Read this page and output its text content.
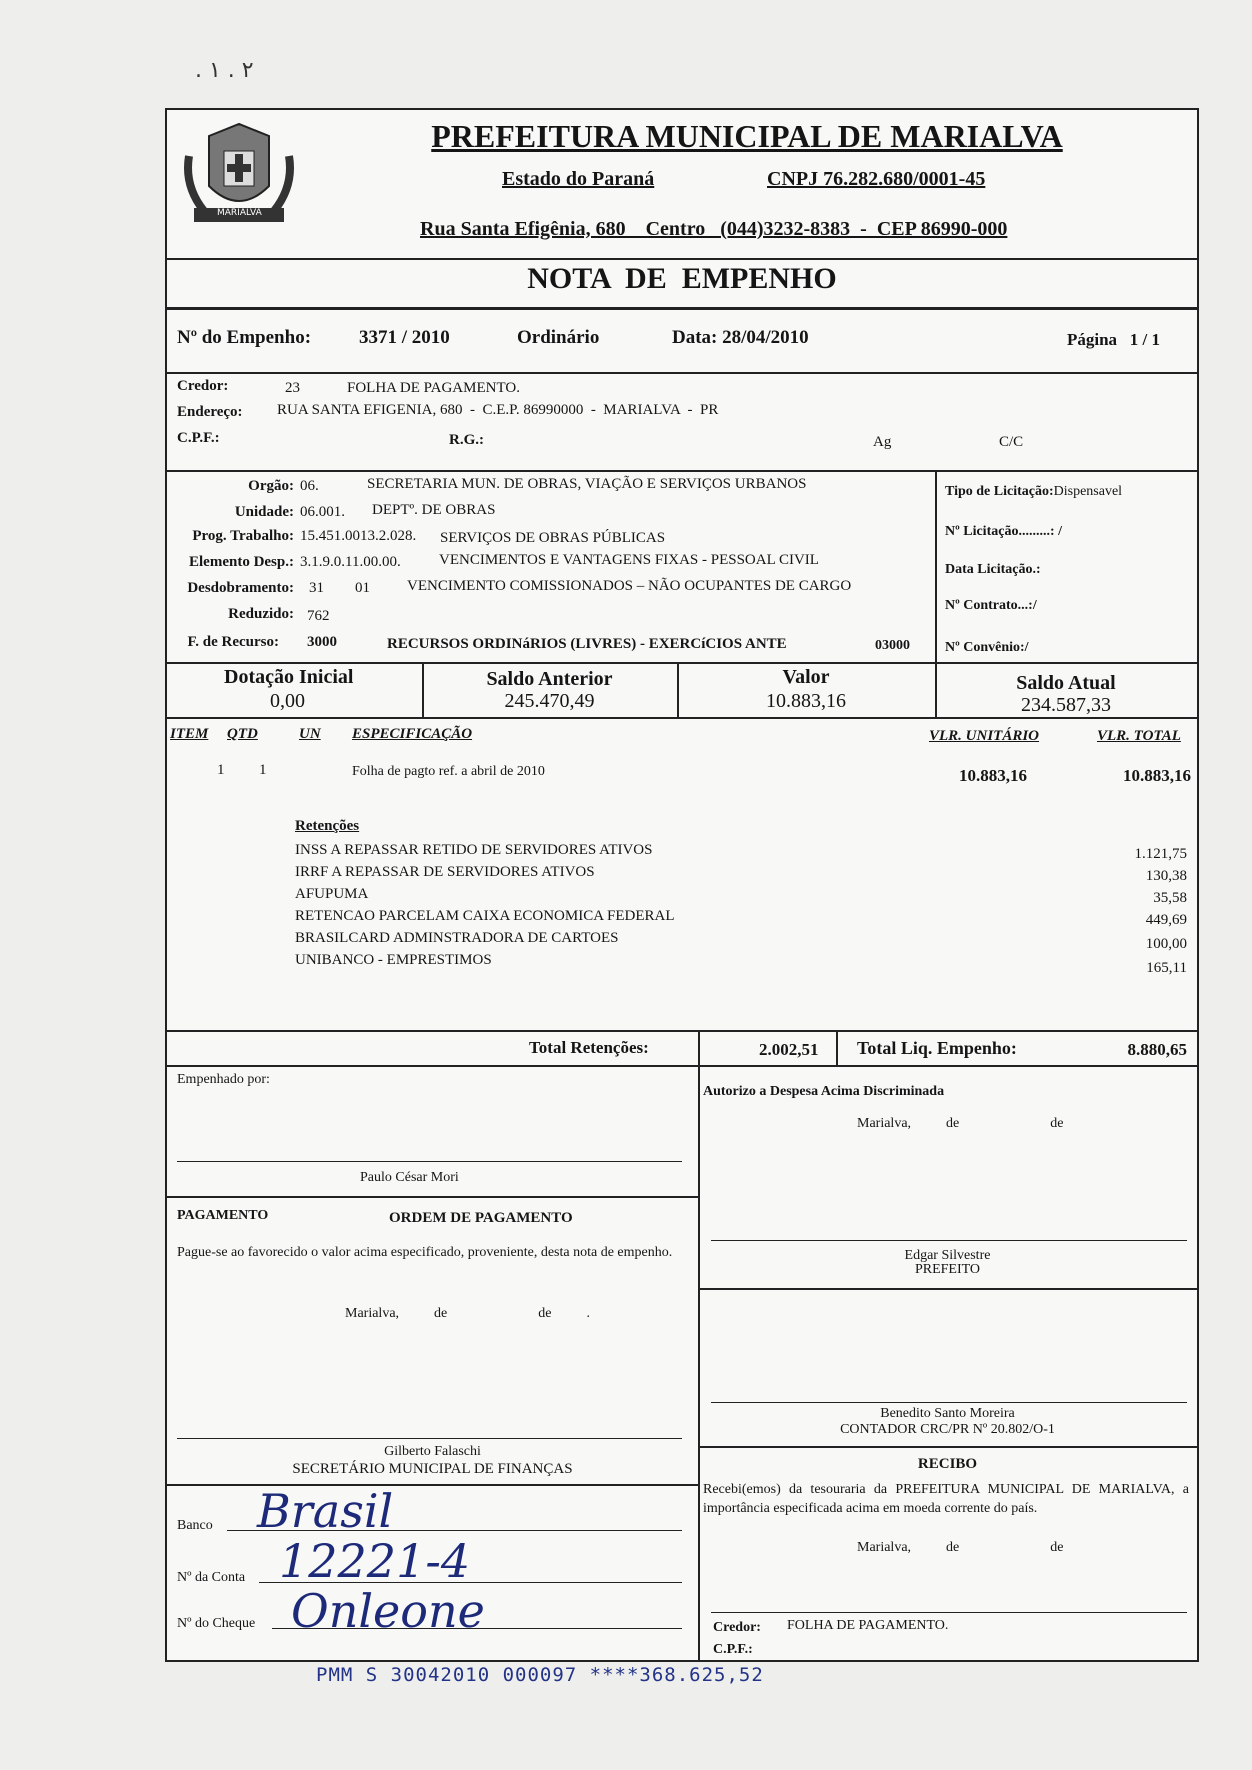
. ۱ . ۲
MARIALVA
PREFEITURA MUNICIPAL DE MARIALVA
Estado do Paraná	CNPJ 76.282.680/0001-45
Rua Santa Efigênia, 680    Centro   (044)3232-8383  -  CEP 86990-000
NOTA  DE  EMPENHO
Nº do Empenho:	3371 / 2010	Ordinário	Data: 28/04/2010	Página   1 / 1
Credor:	23	FOLHA DE PAGAMENTO.
Endereço: RUA SANTA EFIGENIA, 680  -  C.E.P. 86990000  -  MARIALVA  -  PR
C.P.F.:	R.G.:	Ag	C/C
Orgão: 06.	SECRETARIA MUN. DE OBRAS, VIAÇÃO E SERVIÇOS URBANOS
Unidade: 06.001. DEPTº. DE OBRAS
Prog. Trabalho: 15.451.0013.2.028. SERVIÇOS DE OBRAS PÚBLICAS
Elemento Desp.: 3.1.9.0.11.00.00.	VENCIMENTOS E VANTAGENS FIXAS - PESSOAL CIVIL
Desdobramento: 31 01 VENCIMENTO COMISSIONADOS – NÃO OCUPANTES DE CARGO
Reduzido: 762
F. de Recurso: 3000	RECURSOS ORDINáRIOS (LIVRES) - EXERCíCIOS ANTE	03000
Tipo de Licitação:Dispensavel
Nº Licitação.........: /
Data Licitação.:
Nº Contrato...:/
Nº Convênio:/
Dotação Inicial
0,00
Saldo Anterior
245.470,49
Valor
10.883,16
Saldo Atual
234.587,33
ITEM QTD	UN ESPECIFICAÇÃO	VLR. UNITÁRIO	VLR. TOTAL
1 1	Folha de pagto ref. a abril de 2010	10.883,16	10.883,16
Retenções
INSS A REPASSAR RETIDO DE SERVIDORES ATIVOS	1.121,75
IRRF A REPASSAR DE SERVIDORES ATIVOS	130,38
AFUPUMA	35,58
RETENCAO PARCELAM CAIXA ECONOMICA FEDERAL	449,69
BRASILCARD ADMINSTRADORA DE CARTOES	100,00
UNIBANCO - EMPRESTIMOS	165,11
Total Retenções:	2.002,51 Total Liq. Empenho:	8.880,65
Empenhado por:
Paulo César Mori
PAGAMENTO	ORDEM DE PAGAMENTO
Pague-se ao favorecido o valor acima especificado, proveniente, desta nota de empenho.
Marialva,          de                          de          .
Gilberto Falaschi
SECRETÁRIO MUNICIPAL DE FINANÇAS
Banco Brasil
Nº da Conta 12221-4
Nº do Cheque Onleone
Autorizo a Despesa Acima Discriminada
Marialva,          de                          de
Edgar Silvestre
PREFEITO
Benedito Santo Moreira
CONTADOR CRC/PR Nº 20.802/O-1
RECIBO
Recebi(emos) da tesouraria da PREFEITURA MUNICIPAL DE MARIALVA, a importância especificada acima em moeda corrente do país.
Marialva,          de                          de
Credor: FOLHA DE PAGAMENTO.
C.P.F.:
PMM S 30042010 000097 ****368.625,52
